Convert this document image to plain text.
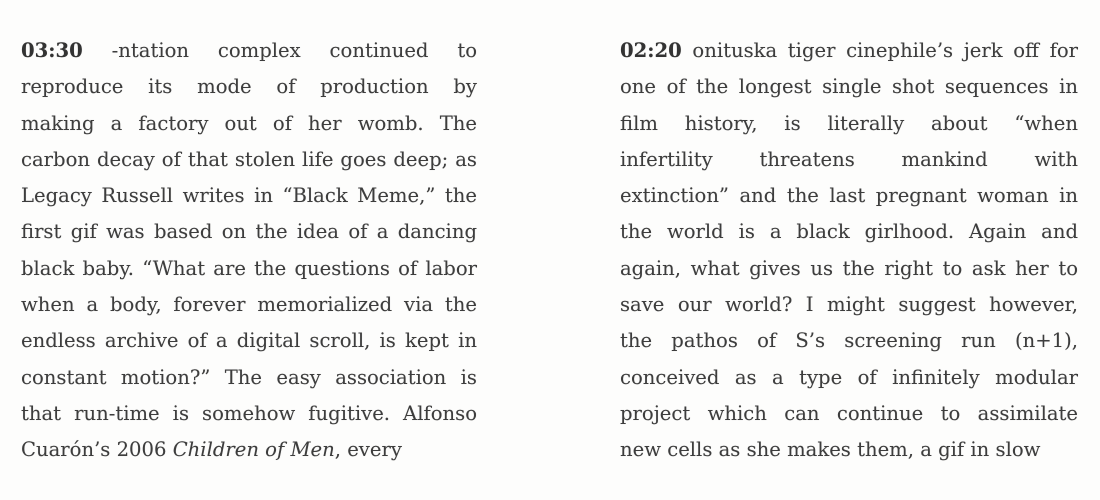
03:30 -ntation complex continued to
reproduce its mode of production by
making a factory out of her womb. The
carbon decay of that stolen life goes deep; as
Legacy Russell writes in “Black Meme,” the
first gif was based on the idea of a dancing
black baby. “What are the questions of labor
when a body, forever memorialized via the
endless archive of a digital scroll, is kept in
constant motion?” The easy association is
that run-time is somehow fugitive. Alfonso
Cuarón’s 2006 Children of Men, every
02:20 onituska tiger cinephile’s jerk off for
one of the longest single shot sequences in
film history, is literally about “when
infertility threatens mankind with
extinction” and the last pregnant woman in
the world is a black girlhood. Again and
again, what gives us the right to ask her to
save our world? I might suggest however,
the pathos of S’s screening run (n+1),
conceived as a type of infinitely modular
project which can continue to assimilate
new cells as she makes them, a gif in slow
